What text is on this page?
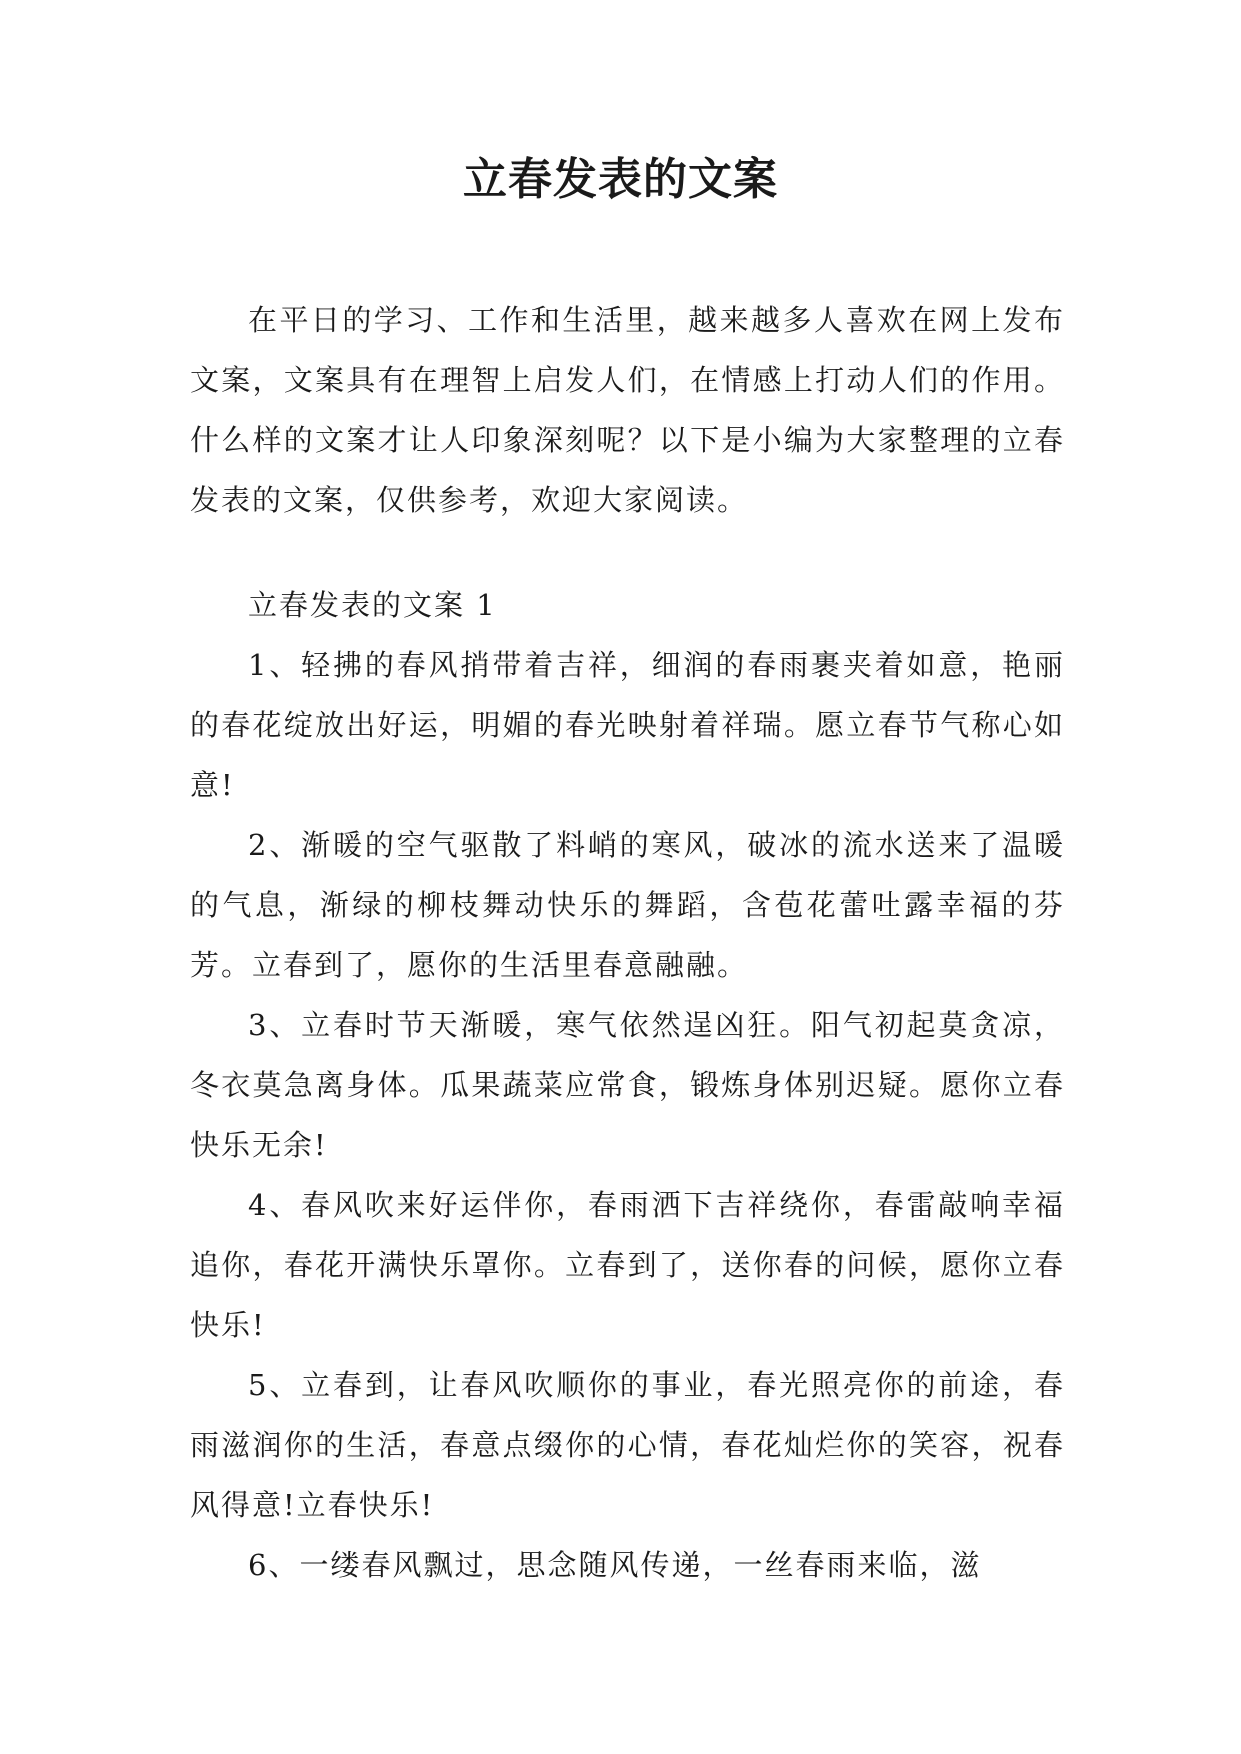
立春发表的文案

在平日的学习、工作和生活里，越来越多人喜欢在网上发布文案，文案具有在理智上启发人们，在情感上打动人们的作用。什么样的文案才让人印象深刻呢？以下是小编为大家整理的立春发表的文案，仅供参考，欢迎大家阅读。

立春发表的文案 1

1、轻拂的春风捎带着吉祥，细润的春雨裹夹着如意，艳丽的春花绽放出好运，明媚的春光映射着祥瑞。愿立春节气称心如意!

2、渐暖的空气驱散了料峭的寒风，破冰的流水送来了温暖的气息，渐绿的柳枝舞动快乐的舞蹈，含苞花蕾吐露幸福的芬芳。立春到了，愿你的生活里春意融融。

3、立春时节天渐暖，寒气依然逞凶狂。阳气初起莫贪凉，冬衣莫急离身体。瓜果蔬菜应常食，锻炼身体别迟疑。愿你立春快乐无余!

4、春风吹来好运伴你，春雨洒下吉祥绕你，春雷敲响幸福追你，春花开满快乐罩你。立春到了，送你春的问候，愿你立春快乐!

5、立春到，让春风吹顺你的事业，春光照亮你的前途，春雨滋润你的生活，春意点缀你的心情，春花灿烂你的笑容，祝春风得意!立春快乐!

6、一缕春风飘过，思念随风传递，一丝春雨来临，滋
